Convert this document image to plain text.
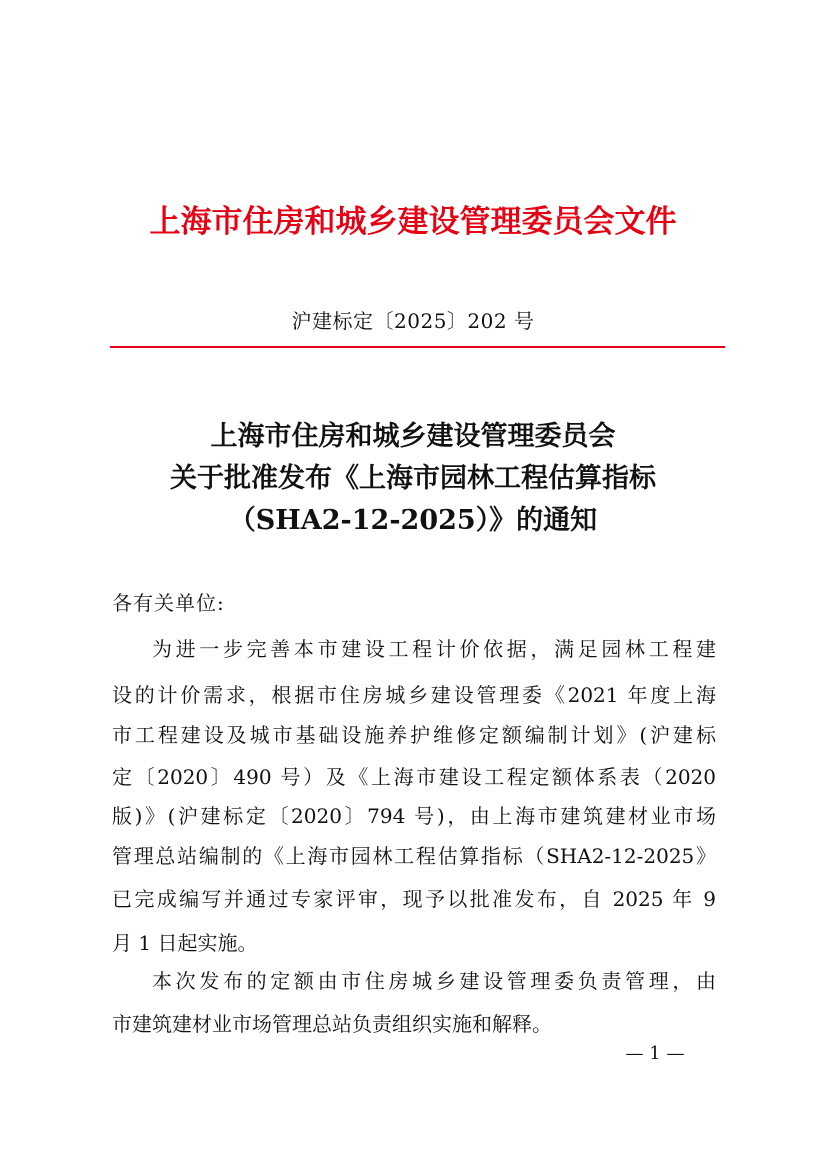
上海市住房和城乡建设管理委员会文件
沪建标定〔2025〕202 号
上海市住房和城乡建设管理委员会
关于批准发布《上海市园林工程估算指标
（SHA2-12-2025）》的通知
各有关单位:
为进一步完善本市建设工程计价依据，满足园林工程建
设的计价需求，根据市住房城乡建设管理委《2021 年度上海
市工程建设及城市基础设施养护维修定额编制计划》(沪建标
定〔2020〕490 号）及《上海市建设工程定额体系表（2020
版)》(沪建标定〔2020〕794 号)，由上海市建筑建材业市场
管理总站编制的《上海市园林工程估算指标（SHA2-12-2025》
已完成编写并通过专家评审，现予以批准发布，自 2025 年 9
月 1 日起实施。
本次发布的定额由市住房城乡建设管理委负责管理，由
市建筑建材业市场管理总站负责组织实施和解释。
— 1 —
